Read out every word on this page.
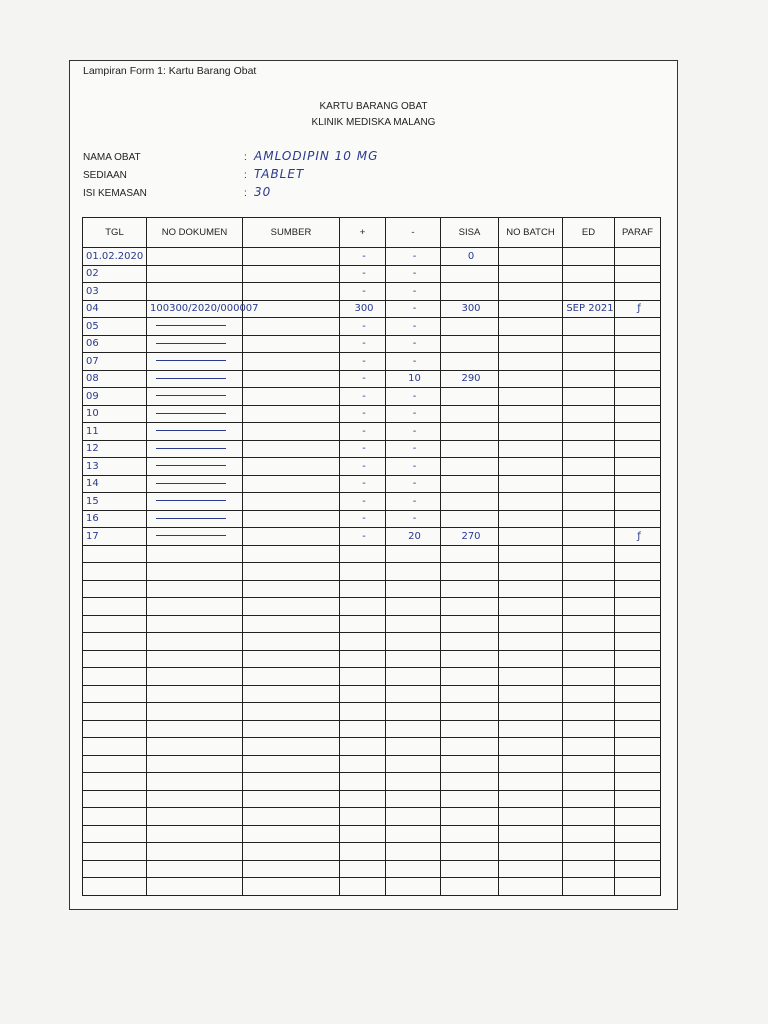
Lampiran Form 1: Kartu Barang Obat
KARTU BARANG OBAT
KLINIK MEDISKA MALANG
NAMA OBAT	: AMLODIPIN 10 MG
SEDIAAN	: TABLET
ISI KEMASAN	: 30
TGL	NO DOKUMEN	SUMBER	+	-	SISA	NO BATCH	ED	PARAF
01.02.2020			-	-	0			
02			-	-				
03			-	-				
04	100300/2020/000007		300	-	300		SEP 2021	ƒ
05			-	-				
06			-	-				
07			-	-				
08			-	10	290			
09			-	-				
10			-	-				
11			-	-				
12			-	-				
13			-	-				
14			-	-				
15			-	-				
16			-	-				
17			-	20	270			ƒ
